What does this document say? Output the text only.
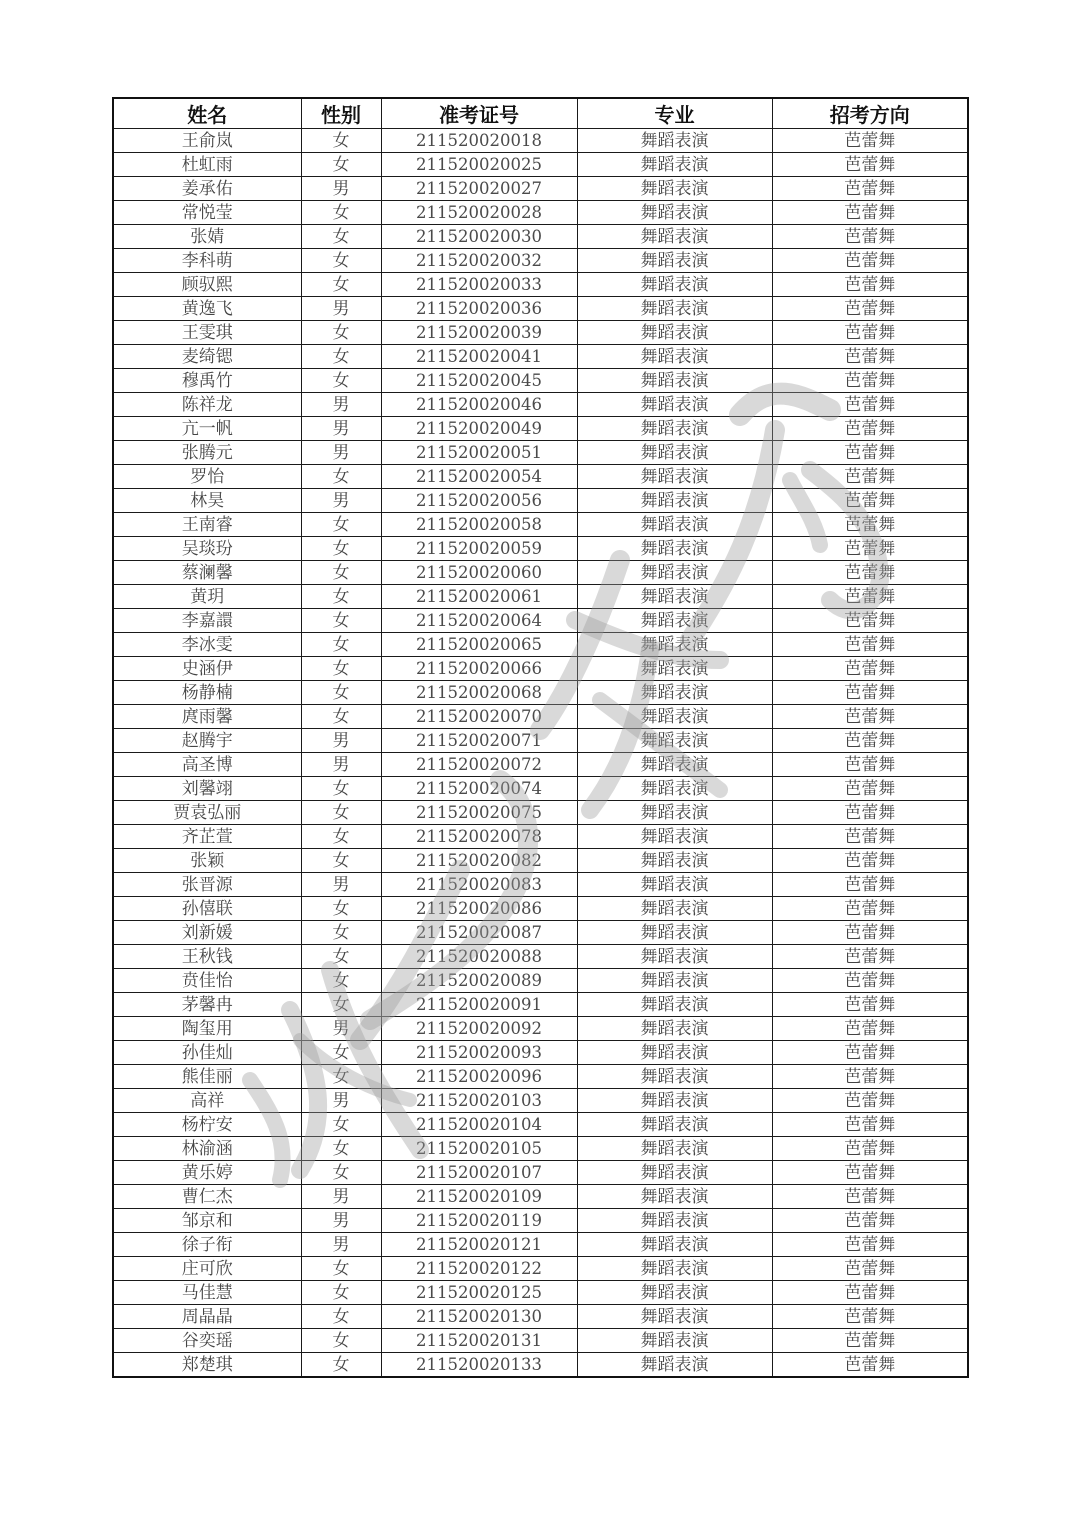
姓名	性别	准考证号	专业	招考方向
王俞岚	女	211520020018	舞蹈表演	芭蕾舞
杜虹雨	女	211520020025	舞蹈表演	芭蕾舞
姜承佑	男	211520020027	舞蹈表演	芭蕾舞
常悦莹	女	211520020028	舞蹈表演	芭蕾舞
张婧	女	211520020030	舞蹈表演	芭蕾舞
李科萌	女	211520020032	舞蹈表演	芭蕾舞
顾驭熙	女	211520020033	舞蹈表演	芭蕾舞
黄逸飞	男	211520020036	舞蹈表演	芭蕾舞
王雯琪	女	211520020039	舞蹈表演	芭蕾舞
麦绮锶	女	211520020041	舞蹈表演	芭蕾舞
穆禹竹	女	211520020045	舞蹈表演	芭蕾舞
陈祥龙	男	211520020046	舞蹈表演	芭蕾舞
亢一帆	男	211520020049	舞蹈表演	芭蕾舞
张腾元	男	211520020051	舞蹈表演	芭蕾舞
罗怡	女	211520020054	舞蹈表演	芭蕾舞
林昊	男	211520020056	舞蹈表演	芭蕾舞
王南睿	女	211520020058	舞蹈表演	芭蕾舞
吴琰玢	女	211520020059	舞蹈表演	芭蕾舞
蔡澜馨	女	211520020060	舞蹈表演	芭蕾舞
黄玥	女	211520020061	舞蹈表演	芭蕾舞
李嘉譞	女	211520020064	舞蹈表演	芭蕾舞
李冰雯	女	211520020065	舞蹈表演	芭蕾舞
史涵伊	女	211520020066	舞蹈表演	芭蕾舞
杨静楠	女	211520020068	舞蹈表演	芭蕾舞
庹雨馨	女	211520020070	舞蹈表演	芭蕾舞
赵腾宇	男	211520020071	舞蹈表演	芭蕾舞
高圣博	男	211520020072	舞蹈表演	芭蕾舞
刘馨翊	女	211520020074	舞蹈表演	芭蕾舞
贾袁弘丽	女	211520020075	舞蹈表演	芭蕾舞
齐芷萱	女	211520020078	舞蹈表演	芭蕾舞
张颖	女	211520020082	舞蹈表演	芭蕾舞
张晋源	男	211520020083	舞蹈表演	芭蕾舞
孙僖联	女	211520020086	舞蹈表演	芭蕾舞
刘新媛	女	211520020087	舞蹈表演	芭蕾舞
王秋钱	女	211520020088	舞蹈表演	芭蕾舞
贲佳怡	女	211520020089	舞蹈表演	芭蕾舞
茅馨冉	女	211520020091	舞蹈表演	芭蕾舞
陶玺用	男	211520020092	舞蹈表演	芭蕾舞
孙佳灿	女	211520020093	舞蹈表演	芭蕾舞
熊佳丽	女	211520020096	舞蹈表演	芭蕾舞
高祥	男	211520020103	舞蹈表演	芭蕾舞
杨柠安	女	211520020104	舞蹈表演	芭蕾舞
林渝涵	女	211520020105	舞蹈表演	芭蕾舞
黄乐婷	女	211520020107	舞蹈表演	芭蕾舞
曹仁杰	男	211520020109	舞蹈表演	芭蕾舞
邹京和	男	211520020119	舞蹈表演	芭蕾舞
徐子衔	男	211520020121	舞蹈表演	芭蕾舞
庄可欣	女	211520020122	舞蹈表演	芭蕾舞
马佳慧	女	211520020125	舞蹈表演	芭蕾舞
周晶晶	女	211520020130	舞蹈表演	芭蕾舞
谷奕瑶	女	211520020131	舞蹈表演	芭蕾舞
郑楚琪	女	211520020133	舞蹈表演	芭蕾舞
